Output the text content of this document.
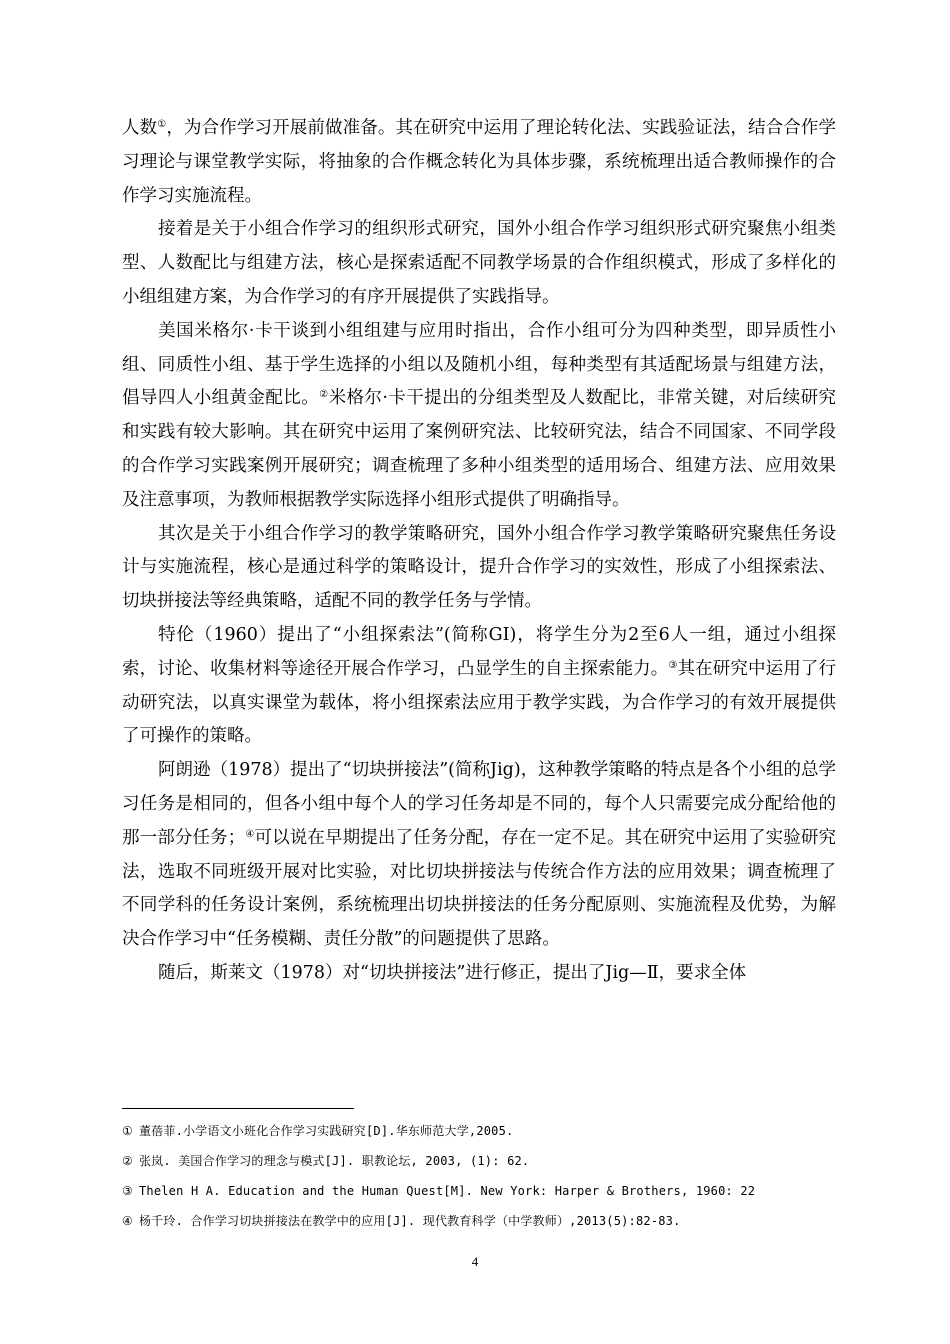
人数①，为合作学习开展前做准备。其在研究中运用了理论转化法、实践验证法，结合合作学习理论与课堂教学实际，将抽象的合作概念转化为具体步骤，系统梳理出适合教师操作的合作学习实施流程。

接着是关于小组合作学习的组织形式研究，国外小组合作学习组织形式研究聚焦小组类型、人数配比与组建方法，核心是探索适配不同教学场景的合作组织模式，形成了多样化的小组组建方案，为合作学习的有序开展提供了实践指导。

美国米格尔·卡干谈到小组组建与应用时指出，合作小组可分为四种类型，即异质性小组、同质性小组、基于学生选择的小组以及随机小组，每种类型有其适配场景与组建方法，倡导四人小组黄金配比。②米格尔·卡干提出的分组类型及人数配比，非常关键，对后续研究和实践有较大影响。其在研究中运用了案例研究法、比较研究法，结合不同国家、不同学段的合作学习实践案例开展研究；调查梳理了多种小组类型的适用场合、组建方法、应用效果及注意事项，为教师根据教学实际选择小组形式提供了明确指导。

其次是关于小组合作学习的教学策略研究，国外小组合作学习教学策略研究聚焦任务设计与实施流程，核心是通过科学的策略设计，提升合作学习的实效性，形成了小组探索法、切块拼接法等经典策略，适配不同的教学任务与学情。

特伦（1960）提出了“小组探索法”(简称GI)，将学生分为2至6人一组，通过小组探索，讨论、收集材料等途径开展合作学习，凸显学生的自主探索能力。③其在研究中运用了行动研究法，以真实课堂为载体，将小组探索法应用于教学实践，为合作学习的有效开展提供了可操作的策略。

阿朗逊（1978）提出了“切块拼接法”(简称Jig)，这种教学策略的特点是各个小组的总学习任务是相同的，但各小组中每个人的学习任务却是不同的，每个人只需要完成分配给他的那一部分任务；④可以说在早期提出了任务分配，存在一定不足。其在研究中运用了实验研究法，选取不同班级开展对比实验，对比切块拼接法与传统合作方法的应用效果；调查梳理了不同学科的任务设计案例，系统梳理出切块拼接法的任务分配原则、实施流程及优势，为解决合作学习中“任务模糊、责任分散”的问题提供了思路。

随后，斯莱文（1978）对“切块拼接法”进行修正，提出了Jig—Ⅱ，要求全体

① 董蓓菲.小学语文小班化合作学习实践研究[D].华东师范大学,2005.
② 张岚. 美国合作学习的理念与模式[J]. 职教论坛, 2003, (1): 62.
③ Thelen H A. Education and the Human Quest[M]. New York: Harper & Brothers, 1960: 22
④ 杨千玲. 合作学习切块拼接法在教学中的应用[J]. 现代教育科学（中学教师）,2013(5):82-83.
4
